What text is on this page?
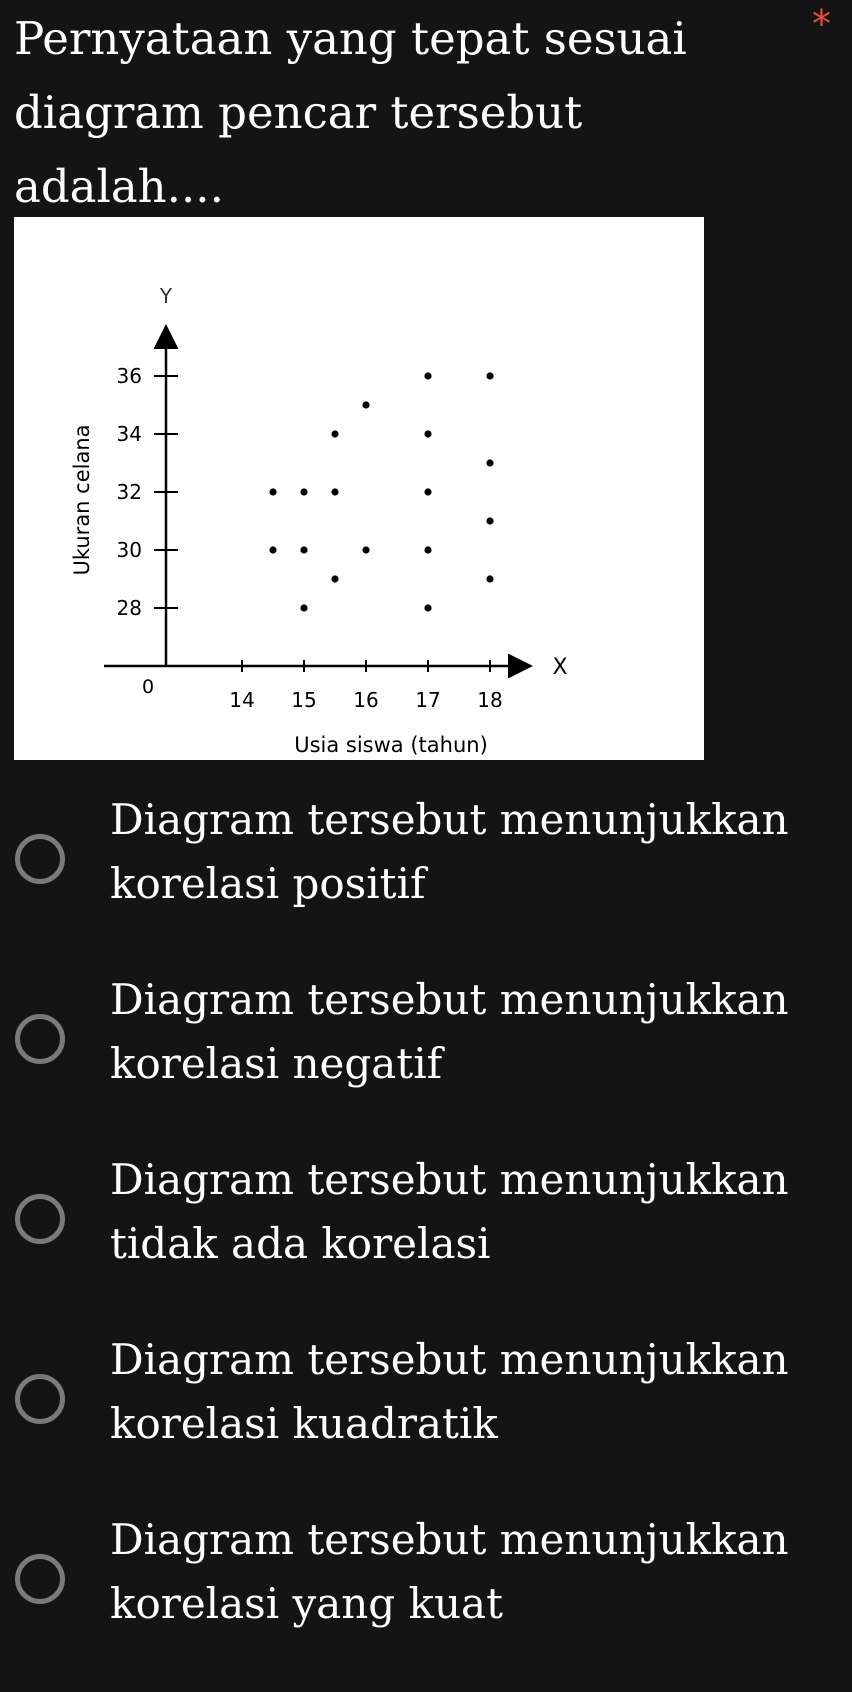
Pernyataan yang tepat sesuai diagram pencar tersebut adalah....
*
Y
X
0
Usia siswa (tahun)
Ukuran celana
14 15 16 17 18
28
30
32
34
36
Diagram tersebut menunjukkan korelasi positif
Diagram tersebut menunjukkan korelasi negatif
Diagram tersebut menunjukkan tidak ada korelasi
Diagram tersebut menunjukkan korelasi kuadratik
Diagram tersebut menunjukkan korelasi yang kuat
